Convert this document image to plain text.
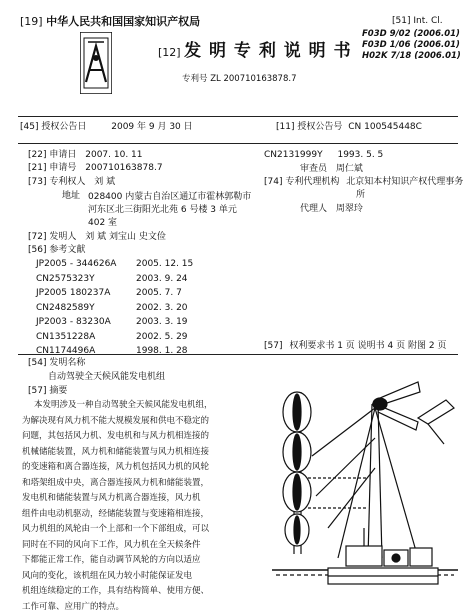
[19] 中华人民共和国国家知识产权局
[12] 发 明 专 利 说 明 书
专利号 ZL 200710163878.7
[51] Int. Cl.
F03D 9/02 (2006.01)
F03D 1/06 (2006.01)
H02K 7/18 (2006.01)
[45] 授权公告日	2009 年 9 月 30 日	[11] 授权公告号 CN 100545448C
[22] 申请日 2007. 10. 11
[21] 申请号 200710163878.7
[73] 专利权人 刘 斌
地址 028400 内蒙古自治区通辽市霍林郭勒市
河东区北三街阳光北苑 6 号楼 3 单元
402 室
[72] 发明人 刘 斌 刘宝山 史文俭
[56] 参考文献
JP2005 - 344626A 2005. 12. 15
CN2575323Y	2003. 9. 24
JP2005 180237A	2005. 7. 7
CN2482589Y	2002. 3. 20
JP2003 - 83230A	2003. 3. 19
CN1351228A	2002. 5. 29
CN1174496A	1998. 1. 28
CN2131999Y 1993. 5. 5
审查员 周仁斌
[74] 专利代理机构 北京知本村知识产权代理事务
所
代理人 周翠玲
[57] 权利要求书 1 页 说明书 4 页 附图 2 页
[54] 发明名称
自动驾驶全天候风能发电机组
[57] 摘要

本发明涉及一种自动驾驶全天候风能发电机组，

为解决现有风力机不能大规模发展和供电不稳定的

问题，其包括风力机、发电机和与风力机相连接的

机械储能装置，风力机和储能装置与风力机相连接

的变速箱和离合器连接，风力机包括风力机的风轮

和塔架组成中央，离合器连接风力机和储能装置，

发电机和储能装置与风力机离合器连接，风力机

组件由电动机驱动，经储能装置与变速箱相连接，

风力机组的风轮由一个上部和一个下部组成，可以

同时在不同的风向下工作，风力机在全天候条件

下都能正常工作，能自动调节风轮的方向以适应

风向的变化，该机组在风力较小时能保证发电

机组连续稳定的工作，具有结构简单、使用方便、

工作可靠、应用广的特点。
